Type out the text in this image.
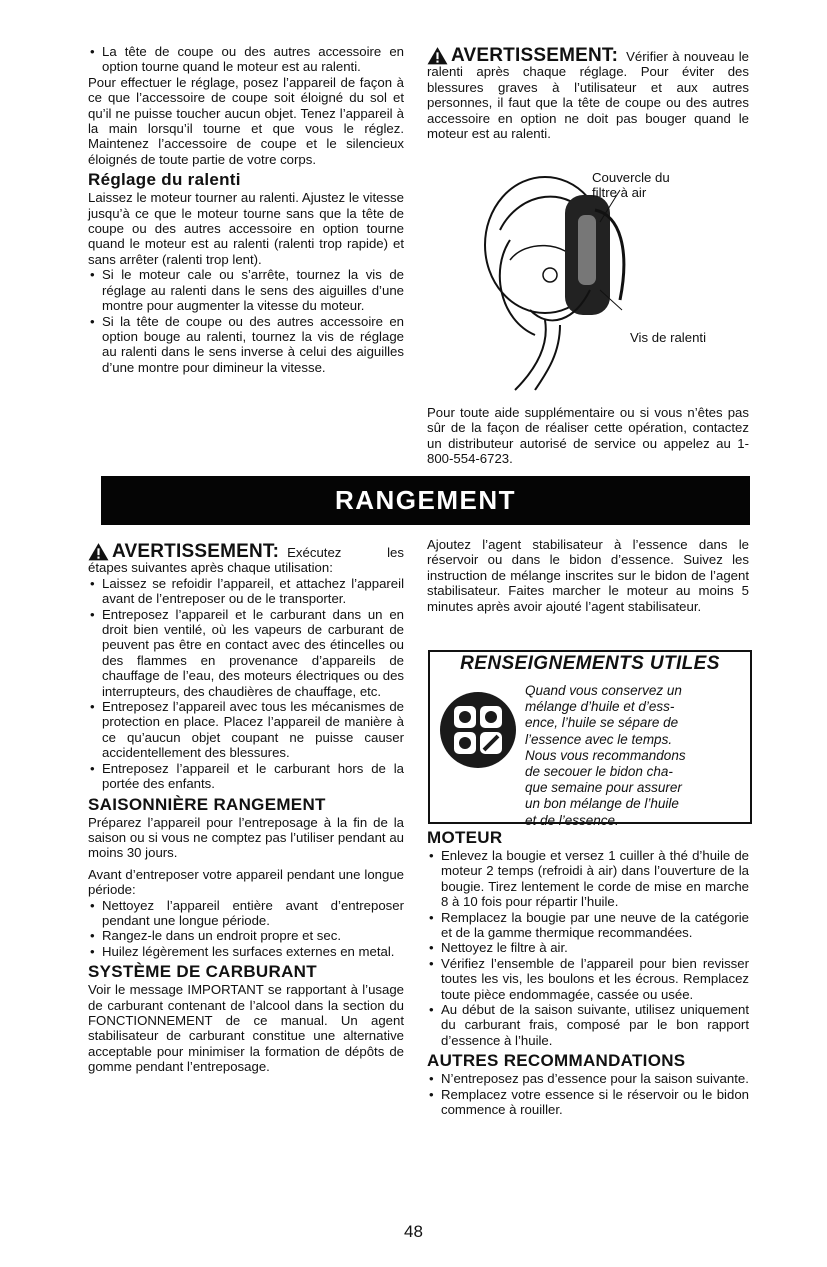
• La tête de coupe ou des autres accessoire en option tourne quand le moteur est au ralenti.

Pour effectuer le réglage, posez l’appareil de façon à ce que l’accessoire de coupe soit éloigné du sol et qu’il ne puisse toucher aucun objet. Tenez l’appareil à la main lorsqu’il tourne et que vous le réglez. Maintenez l’accessoire de coupe et le silencieux éloignés de toute partie de votre corps.

Réglage du ralenti

Laissez le moteur tourner au ralenti. Ajustez le vitesse jusqu’à ce que le moteur tourne sans que la tête de coupe ou des autres accessoire en option tourne quand le moteur est au ralenti (ralenti trop rapide) et sans arrêter (ralenti trop lent).

• Si le moteur cale ou s’arrête, tournez la vis de réglage au ralenti dans le sens des aiguilles d’une montre pour augmenter la vitesse du moteur.
• Si la tête de coupe ou des autres accessoire en option bouge au ralenti, tournez la vis de réglage au ralenti dans le sens inverse à celui des aiguilles d’une montre pour dimineur la vitesse.

AVERTISSEMENT: Vérifier à nouveau le ralenti après chaque réglage. Pour éviter des blessures graves à l’utilisateur et aux autres personnes, il faut que la tête de coupe ou des autres accessoire en option ne doit pas bouger quand le moteur est au ralenti.

Couvercle du filtre à air
Vis de ralenti

Pour toute aide supplémentaire ou si vous n’êtes pas sûr de la façon de réaliser cette opération, contactez un distributeur autorisé de service ou appelez au 1-800-554-6723.

RANGEMENT

AVERTISSEMENT: Exécutez les étapes suivantes après chaque utilisation:

• Laissez se refoidir l’appareil, et attachez l’appareil avant de l’entreposer ou de le transporter.
• Entreposez l’appareil et le carburant dans un en droit bien ventilé, où les vapeurs de carburant de peuvent pas être en contact avec des étincelles ou des flammes en provenance d’appareils de chauffage de l’eau, des moteurs électriques ou des interrupteurs, des chaudières de chauffage, etc.
• Entreposez l’appareil avec tous les mécanismes de protection en place. Placez l’appareil de manière à ce qu’aucun objet coupant ne puisse causer accidentellement des blessures.
• Entreposez l’appareil et le carburant hors de la portée des enfants.
SAISONNIÈRE RANGEMENT

Préparez l’appareil pour l’entreposage à la fin de la saison ou si vous ne comptez pas l’utiliser pendant au moins 30 jours.

Avant d’entreposer votre appareil pendant une longue période:

• Nettoyez l’appareil entière avant d’entreposer pendant une longue période.
• Rangez-le dans un endroit propre et sec.
• Huilez légèrement les surfaces externes en metal.
SYSTÈME DE CARBURANT

Voir le message IMPORTANT se rapportant à l’usage de carburant contenant de l’alcool dans la section du FONCTIONNEMENT de ce manual. Un agent stabilisateur de carburant constitue une alternative acceptable pour minimiser la formation de dépôts de gomme pendant l’entreposage.

Ajoutez l’agent stabilisateur à l’essence dans le réservoir ou dans le bidon d’essence. Suivez les instruction de mélange inscrites sur le bidon de l’agent stabilisateur. Faites marcher le moteur au moins 5 minutes après avoir ajouté l’agent stabilisateur.

RENSEIGNEMENTS UTILES
Quand vous conservez un
mélange d’huile et d’ess-
ence, l’huile se sépare de
l’essence avec le temps.
Nous vous recommandons
de secouer le bidon cha-
que semaine pour assurer
un bon mélange de l’huile
et de l’essence.
MOTEUR
• Enlevez la bougie et versez 1 cuiller à thé d’huile de moteur 2 temps (refroidi à air) dans l’ouverture de la bougie. Tirez lentement le corde de mise en marche 8 à 10 fois pour répartir l’huile.
• Remplacez la bougie par une neuve de la catégorie et de la gamme thermique recommandées.
• Nettoyez le filtre à air.
• Vérifiez l’ensemble de l’appareil pour bien revisser toutes les vis, les boulons et les écrous. Remplacez toute pièce endommagée, cassée ou usée.
• Au début de la saison suivante, utilisez uniquement du carburant frais, composé par le bon rapport d’essence à l’huile.
AUTRES RECOMMANDATIONS
• N’entreposez pas d’essence pour la saison suivante.
• Remplacez votre essence si le réservoir ou le bidon commence à rouiller.
48
